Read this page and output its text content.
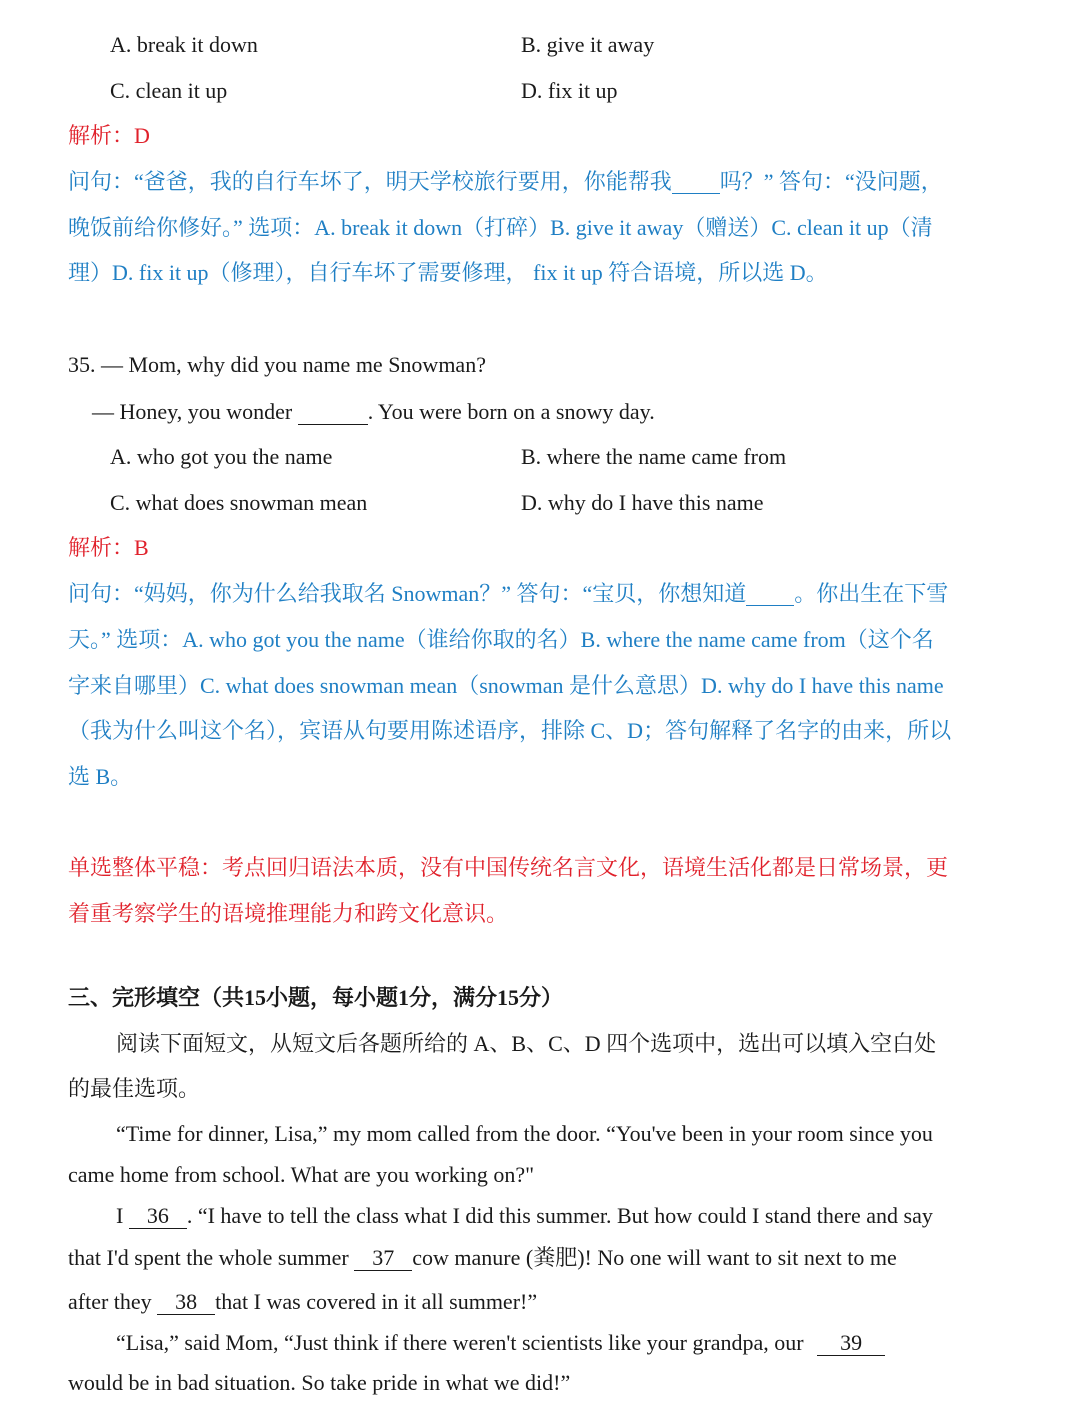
A. break it down	B. give it away
C. clean it up	D. fix it up
解析：D
问句：“爸爸，我的自行车坏了，明天学校旅行要用，你能帮我 吗？” 答句：“没问题，
晚饭前给你修好。” 选项：A. break it down（打碎）B. give it away（赠送）C. clean it up（清
理）D. fix it up（修理），自行车坏了需要修理， fix it up 符合语境，所以选 D。
35. — Mom, why did you name me Snowman?
— Honey, you wonder	. You were born on a snowy day.
A. who got you the name	B. where the name came from
C. what does snowman mean	D. why do I have this name
解析：B
问句：“妈妈，你为什么给我取名 Snowman？” 答句：“宝贝，你想知道 。你出生在下雪
天。” 选项：A. who got you the name（谁给你取的名）B. where the name came from（这个名
字来自哪里）C. what does snowman mean（snowman 是什么意思）D. why do I have this name
（我为什么叫这个名），宾语从句要用陈述语序，排除 C、D；答句解释了名字的由来，所以
选 B。
单选整体平稳：考点回归语法本质，没有中国传统名言文化，语境生活化都是日常场景，更
着重考察学生的语境推理能力和跨文化意识。
三、完形填空（共15小题，每小题1分，满分15分）
阅读下面短文，从短文后各题所给的 A、B、C、D 四个选项中，选出可以填入空白处
的最佳选项。
“Time for dinner, Lisa,” my mom called from the door. “You've been in your room since you
came home from school. What are you working on?"
I 36 . “I have to tell the class what I did this summer. But how could I stand there and say
that I'd spent the whole summer 37 cow manure (粪肥)! No one will want to sit next to me
after they 38 that I was covered in it all summer!”
“Lisa,” said Mom, “Just think if there weren't scientists like your grandpa, our 39
would be in bad situation. So take pride in what we did!”
